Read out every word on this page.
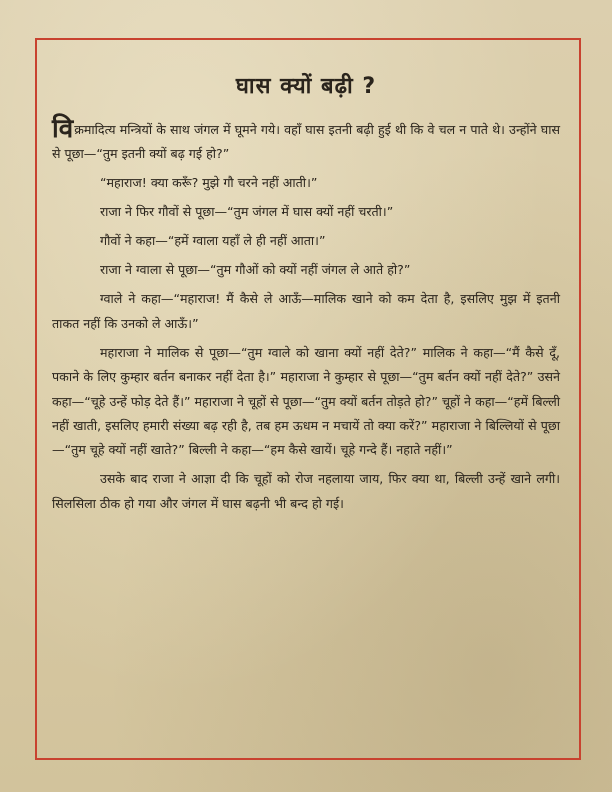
घास क्यों बढ़ी ?

विक्रमादित्य मन्त्रियों के साथ जंगल में घूमने गये। वहाँ घास इतनी बढ़ी हुई थी कि वे चल न पाते थे। उन्होंने घास से पूछा—“तुम इतनी क्यों बढ़ गई हो?”

“महाराज! क्या करूँ? मुझे गौ चरने नहीं आती।”

राजा ने फिर गौवों से पूछा—“तुम जंगल में घास क्यों नहीं चरती।”

गौवों ने कहा—“हमें ग्वाला यहाँ ले ही नहीं आता।”

राजा ने ग्वाला से पूछा—“तुम गौओं को क्यों नहीं जंगल ले आते हो?”

ग्वाले ने कहा—“महाराज! मैं कैसे ले आऊँ—मालिक खाने को कम देता है, इसलिए मुझ में इतनी ताकत नहीं कि उनको ले आऊँ।”

महाराजा ने मालिक से पूछा—“तुम ग्वाले को खाना क्यों नहीं देते?” मालिक ने कहा—“मैं कैसे दूँ, पकाने के लिए कुम्हार बर्तन बनाकर नहीं देता है।” महाराजा ने कुम्हार से पूछा—“तुम बर्तन क्यों नहीं देते?” उसने कहा—“चूहे उन्हें फोड़ देते हैं।” महाराजा ने चूहों से पूछा—“तुम क्यों बर्तन तोड़ते हो?” चूहों ने कहा—“हमें बिल्ली नहीं खाती, इसलिए हमारी संख्या बढ़ रही है, तब हम ऊधम न मचायें तो क्या करें?” महाराजा ने बिल्लियों से पूछा—“तुम चूहे क्यों नहीं खाते?” बिल्ली ने कहा—“हम कैसे खायें। चूहे गन्दे हैं। नहाते नहीं।”

उसके बाद राजा ने आज्ञा दी कि चूहों को रोज नहलाया जाय, फिर क्या था, बिल्ली उन्हें खाने लगी। सिलसिला ठीक हो गया और जंगल में घास बढ़नी भी बन्द हो गई।
